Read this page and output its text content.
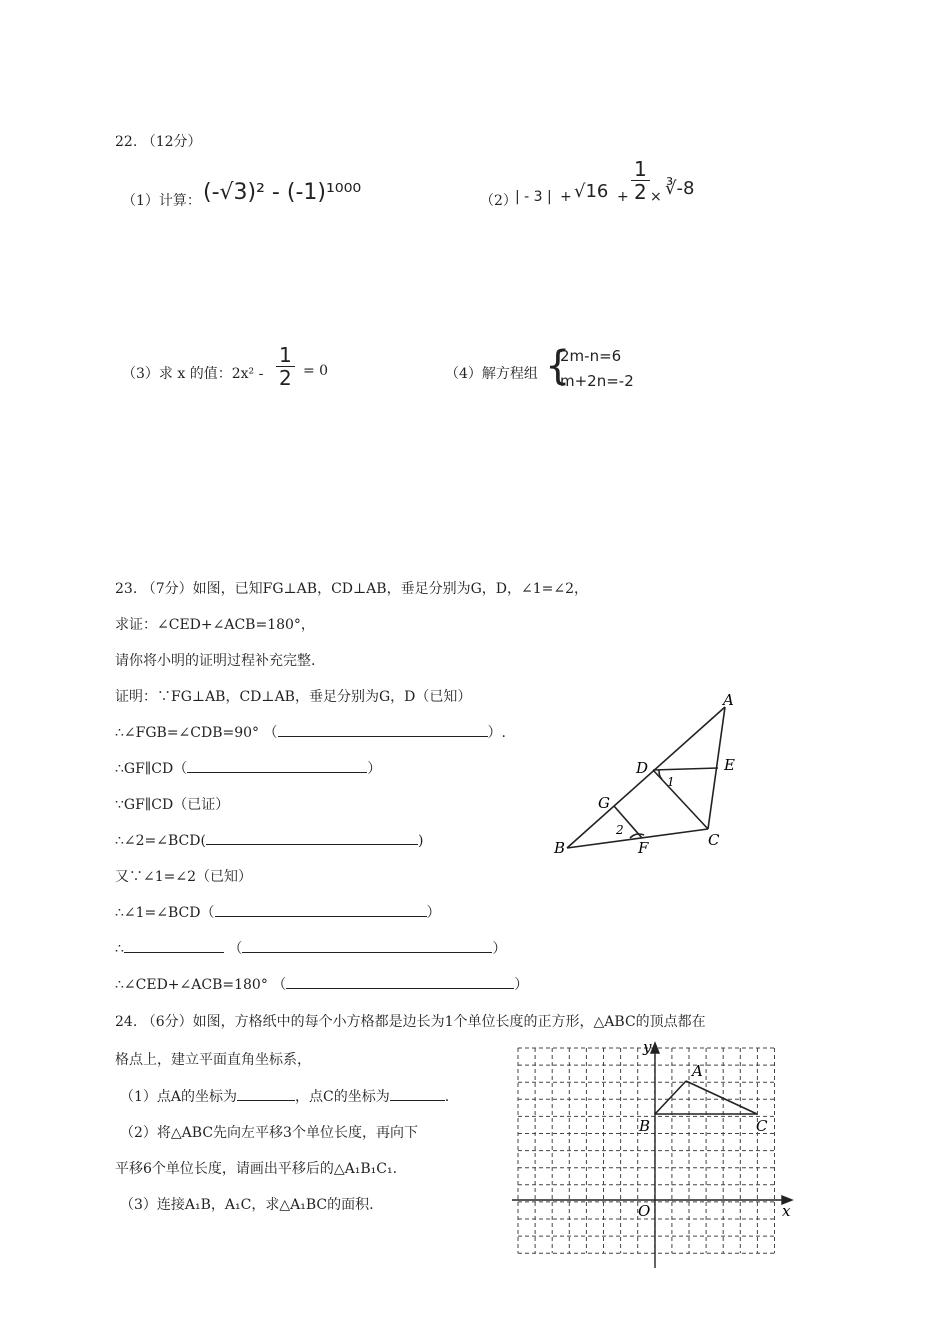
22. （12分）
（1）计算： (-√3)² - (-1)¹⁰⁰⁰	（2）
| - 3 | + $√16 + \frac{1}{2}$ × ∛-8
（3）求 x 的值：$2x^2 - \frac{1}{2} = 0$	（4）解方程组 {
2m-n=6
m+2n=-2
23. （7分）如图，已知FG⊥AB，CD⊥AB，垂足分别为G，D，∠1=∠2，
求证：∠CED+∠ACB=180°，
请你将小明的证明过程补充完整.
证明：∵FG⊥AB，CD⊥AB，垂足分别为G，D（已知）
∴∠FGB=∠CDB=90° （	）.
∴GF∥CD（	）
∵GF∥CD（已证）
∴∠2=∠BCD(	)
又∵∠1=∠2（已知）
∴∠1=∠BCD（	）
∴	（	）
∴∠CED+∠ACB=180° （	）
A
B	C
D	E
F
G
1
2
24. （6分）如图，方格纸中的每个小方格都是边长为1个单位长度的正方形，△ABC的顶点都在
格点上，建立平面直角坐标系，
（1）点A的坐标为	，点C的坐标为	.
（2）将△ABC先向左平移3个单位长度，再向下
平移6个单位长度，请画出平移后的△A₁B₁C₁.
（3）连接A₁B，A₁C，求△A₁BC的面积.
y
x
O
A
B	C
